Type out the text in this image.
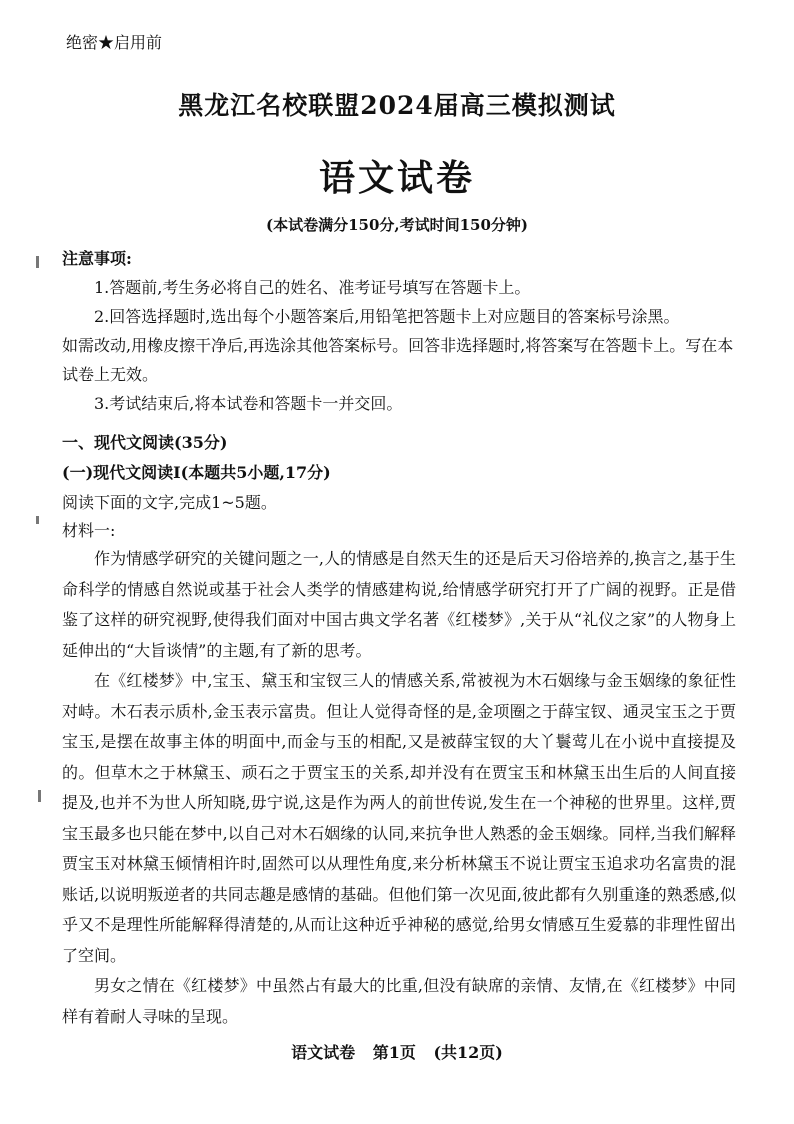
绝密★启用前
黑龙江名校联盟2024届高三模拟测试
语文试卷
(本试卷满分150分,考试时间150分钟)
注意事项:
1.答题前,考生务必将自己的姓名、准考证号填写在答题卡上。
2.回答选择题时,选出每个小题答案后,用铅笔把答题卡上对应题目的答案标号涂黑。
如需改动,用橡皮擦干净后,再选涂其他答案标号。回答非选择题时,将答案写在答题卡上。写在本试卷上无效。
3.考试结束后,将本试卷和答题卡一并交回。
一、现代文阅读(35分)
(一)现代文阅读Ⅰ(本题共5小题,17分)
阅读下面的文字,完成1~5题。
材料一:

作为情感学研究的关键问题之一,人的情感是自然天生的还是后天习俗培养的,换言之,基于生命科学的情感自然说或基于社会人类学的情感建构说,给情感学研究打开了广阔的视野。正是借鉴了这样的研究视野,使得我们面对中国古典文学名著《红楼梦》,关于从“礼仪之家”的人物身上延伸出的“大旨谈情”的主题,有了新的思考。

在《红楼梦》中,宝玉、黛玉和宝钗三人的情感关系,常被视为木石姻缘与金玉姻缘的象征性对峙。木石表示质朴,金玉表示富贵。但让人觉得奇怪的是,金项圈之于薛宝钗、通灵宝玉之于贾宝玉,是摆在故事主体的明面中,而金与玉的相配,又是被薛宝钗的大丫鬟莺儿在小说中直接提及的。但草木之于林黛玉、顽石之于贾宝玉的关系,却并没有在贾宝玉和林黛玉出生后的人间直接提及,也并不为世人所知晓,毋宁说,这是作为两人的前世传说,发生在一个神秘的世界里。这样,贾宝玉最多也只能在梦中,以自己对木石姻缘的认同,来抗争世人熟悉的金玉姻缘。同样,当我们解释贾宝玉对林黛玉倾情相许时,固然可以从理性角度,来分析林黛玉不说让贾宝玉追求功名富贵的混账话,以说明叛逆者的共同志趣是感情的基础。但他们第一次见面,彼此都有久别重逢的熟悉感,似乎又不是理性所能解释得清楚的,从而让这种近乎神秘的感觉,给男女情感互生爱慕的非理性留出了空间。

男女之情在《红楼梦》中虽然占有最大的比重,但没有缺席的亲情、友情,在《红楼梦》中同样有着耐人寻味的呈现。

语文试卷 第1页 (共12页)
